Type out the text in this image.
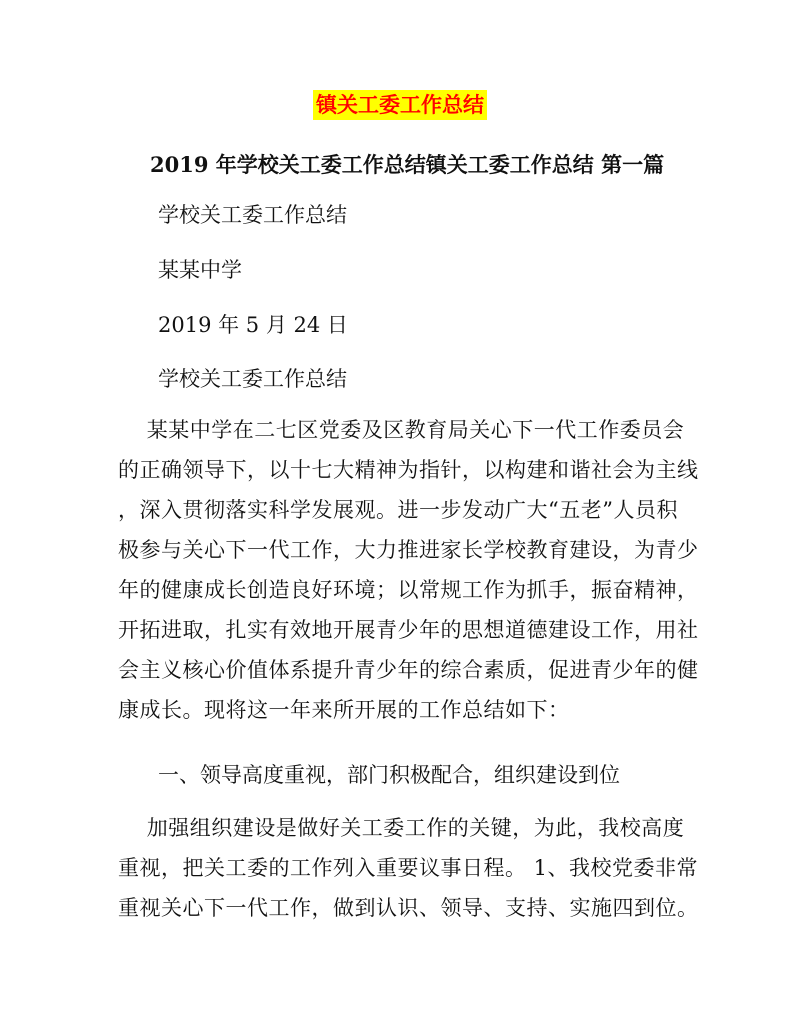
镇关工委工作总结
2019 年学校关工委工作总结镇关工委工作总结 第一篇
学校关工委工作总结
某某中学
2019 年 5 月 24 日
学校关工委工作总结
某某中学在二七区党委及区教育局关心下一代工作委员会
的正确领导下，以十七大精神为指针，以构建和谐社会为主线
，深入贯彻落实科学发展观。进一步发动广大“五老”人员积
极参与关心下一代工作，大力推进家长学校教育建设，为青少
年的健康成长创造良好环境；以常规工作为抓手，振奋精神，
开拓进取，扎实有效地开展青少年的思想道德建设工作，用社
会主义核心价值体系提升青少年的综合素质，促进青少年的健
康成长。现将这一年来所开展的工作总结如下：
一、领导高度重视，部门积极配合，组织建设到位
加强组织建设是做好关工委工作的关键，为此，我校高度
重视，把关工委的工作列入重要议事日程。 1、我校党委非常
重视关心下一代工作，做到认识、领导、支持、实施四到位。
